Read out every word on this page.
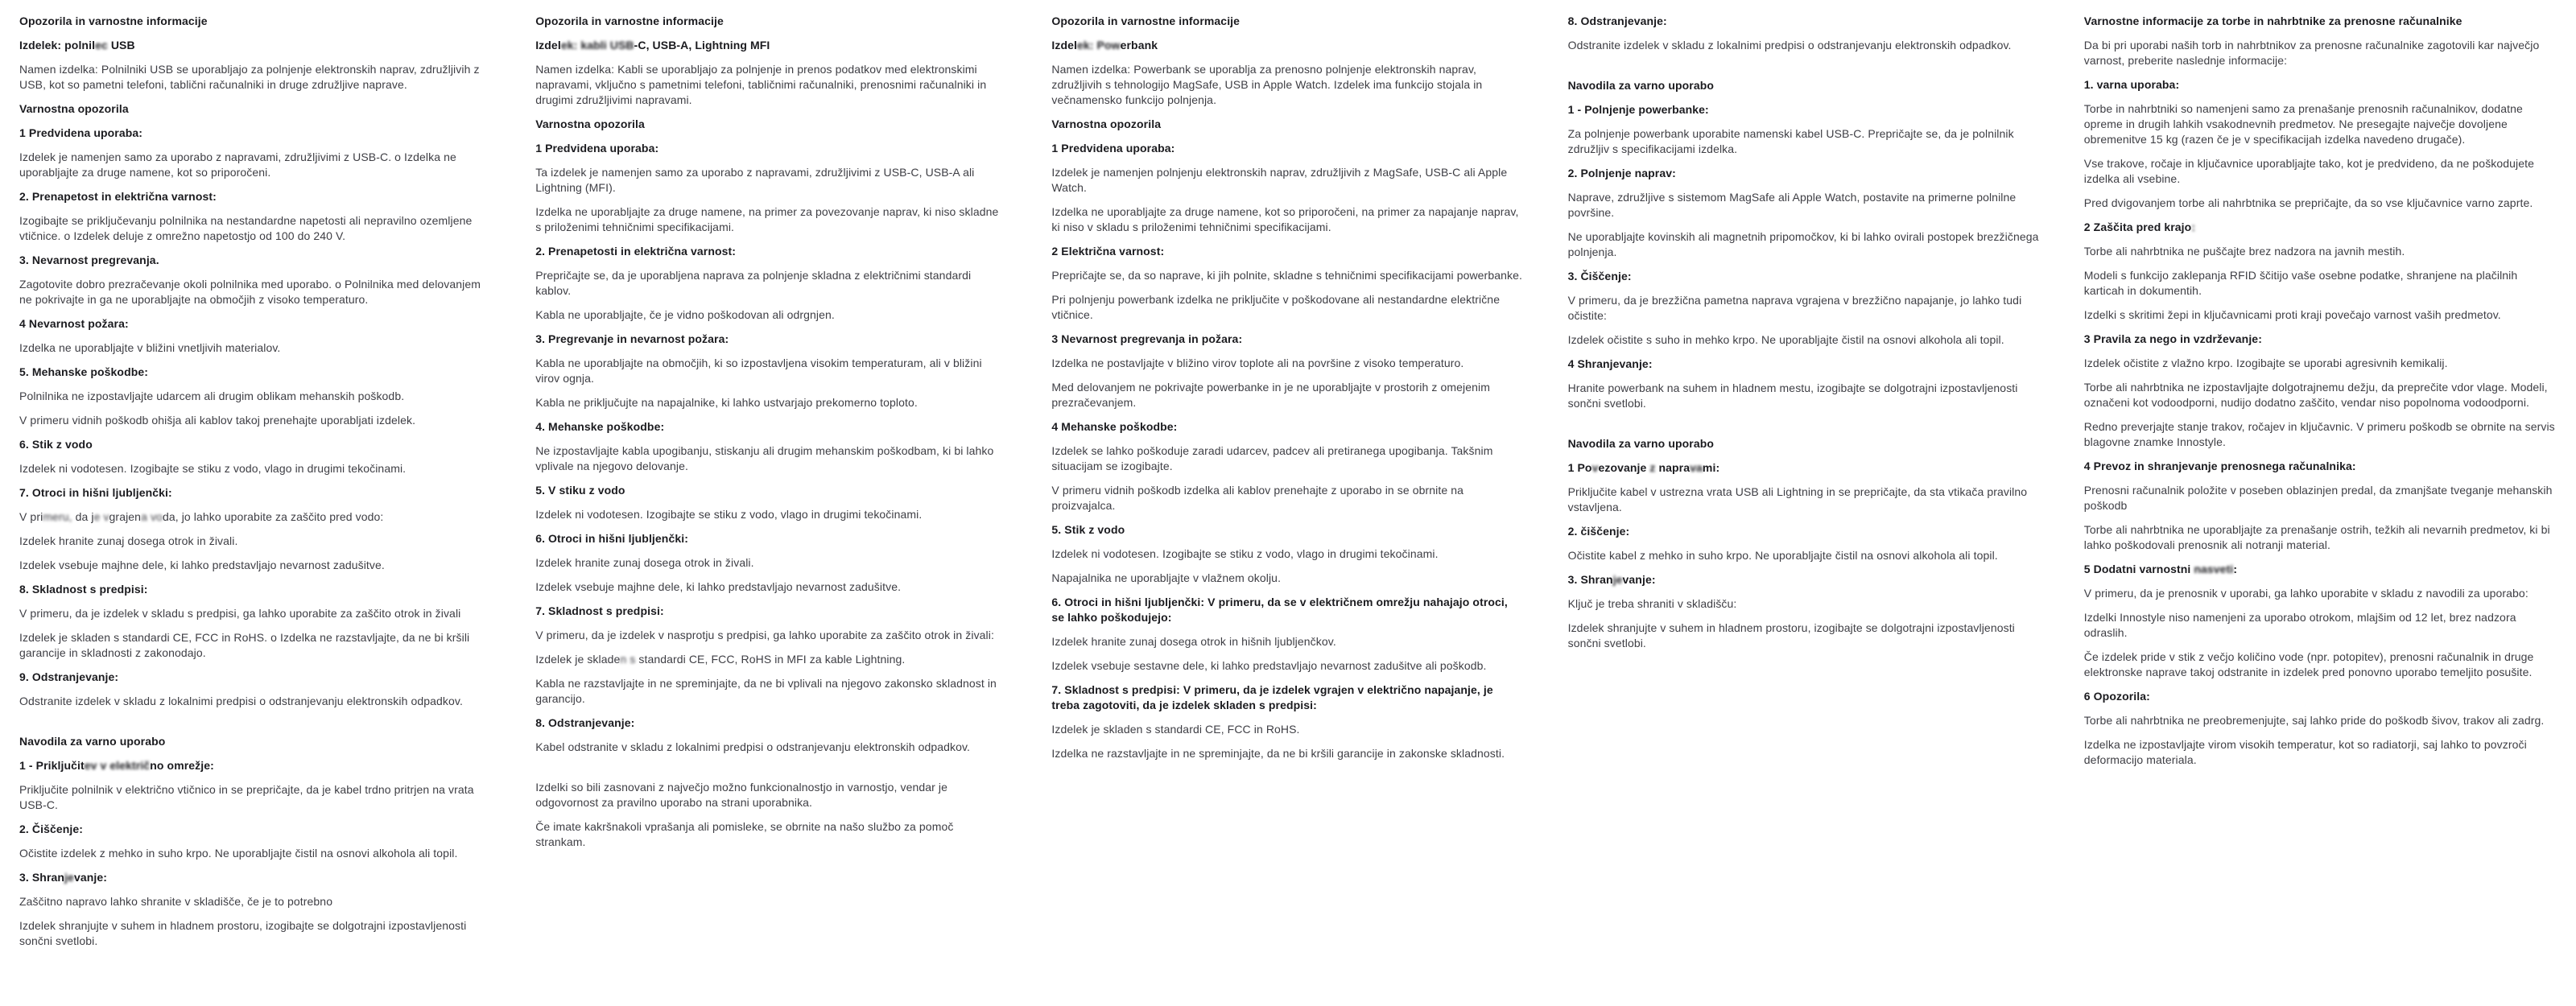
Opozorila in varnostne informacije
Izdelek: polnilec USB
Namen izdelka: Polnilniki USB se uporabljajo za polnjenje elektronskih naprav, združljivih z USB, kot so pametni telefoni, tablični računalniki in druge združljive naprave.
Varnostna opozorila
1 Predvidena uporaba:
Izdelek je namenjen samo za uporabo z napravami, združljivimi z USB-C. o Izdelka ne uporabljajte za druge namene, kot so priporočeni.
2. Prenapetost in električna varnost:
Izogibajte se priključevanju polnilnika na nestandardne napetosti ali nepravilno ozemljene vtičnice. o Izdelek deluje z omrežno napetostjo od 100 do 240 V.
3. Nevarnost pregrevanja.
Zagotovite dobro prezračevanje okoli polnilnika med uporabo. o Polnilnika med delovanjem ne pokrivajte in ga ne uporabljajte na območjih z visoko temperaturo.
4 Nevarnost požara:
Izdelka ne uporabljajte v bližini vnetljivih materialov.
5. Mehanske poškodbe:
Polnilnika ne izpostavljajte udarcem ali drugim oblikam mehanskih poškodb.
V primeru vidnih poškodb ohišja ali kablov takoj prenehajte uporabljati izdelek.
6. Stik z vodo
Izdelek ni vodotesen. Izogibajte se stiku z vodo, vlago in drugimi tekočinami.
7. Otroci in hišni ljubljenčki:
V primeru, da je vgrajena voda, jo lahko uporabite za zaščito pred vodo:
Izdelek hranite zunaj dosega otrok in živali.
Izdelek vsebuje majhne dele, ki lahko predstavljajo nevarnost zadušitve.
8. Skladnost s predpisi:
V primeru, da je izdelek v skladu s predpisi, ga lahko uporabite za zaščito otrok in živali
Izdelek je skladen s standardi CE, FCC in RoHS. o Izdelka ne razstavljajte, da ne bi kršili garancije in skladnosti z zakonodajo.
9. Odstranjevanje:
Odstranite izdelek v skladu z lokalnimi predpisi o odstranjevanju elektronskih odpadkov.
Navodila za varno uporabo
1 - Priključitev v električno omrežje:
Priključite polnilnik v električno vtičnico in se prepričajte, da je kabel trdno pritrjen na vrata USB-C.
2. Čiščenje:
Očistite izdelek z mehko in suho krpo. Ne uporabljajte čistil na osnovi alkohola ali topil.
3. Shranjevanje:
Zaščitno napravo lahko shranite v skladišče, če je to potrebno
Izdelek shranjujte v suhem in hladnem prostoru, izogibajte se dolgotrajni izpostavljenosti sončni svetlobi.
Opozorila in varnostne informacije
Izdelek: kabli USB-C, USB-A, Lightning MFI
Namen izdelka: Kabli se uporabljajo za polnjenje in prenos podatkov med elektronskimi napravami, vključno s pametnimi telefoni, tabličnimi računalniki, prenosnimi računalniki in drugimi združljivimi napravami.
Varnostna opozorila
1 Predvidena uporaba:
Ta izdelek je namenjen samo za uporabo z napravami, združljivimi z USB-C, USB-A ali Lightning (MFI).
Izdelka ne uporabljajte za druge namene, na primer za povezovanje naprav, ki niso skladne s priloženimi tehničnimi specifikacijami.
2. Prenapetosti in električna varnost:
Prepričajte se, da je uporabljena naprava za polnjenje skladna z električnimi standardi kablov.
Kabla ne uporabljajte, če je vidno poškodovan ali odrgnjen.
3. Pregrevanje in nevarnost požara:
Kabla ne uporabljajte na območjih, ki so izpostavljena visokim temperaturam, ali v bližini virov ognja.
Kabla ne priključujte na napajalnike, ki lahko ustvarjajo prekomerno toploto.
4. Mehanske poškodbe:
Ne izpostavljajte kabla upogibanju, stiskanju ali drugim mehanskim poškodbam, ki bi lahko vplivale na njegovo delovanje.
5. V stiku z vodo
Izdelek ni vodotesen. Izogibajte se stiku z vodo, vlago in drugimi tekočinami.
6. Otroci in hišni ljubljenčki:
Izdelek hranite zunaj dosega otrok in živali.
Izdelek vsebuje majhne dele, ki lahko predstavljajo nevarnost zadušitve.
7. Skladnost s predpisi:
V primeru, da je izdelek v nasprotju s predpisi, ga lahko uporabite za zaščito otrok in živali:
Izdelek je skladen s standardi CE, FCC, RoHS in MFI za kable Lightning.
Kabla ne razstavljajte in ne spreminjajte, da ne bi vplivali na njegovo zakonsko skladnost in garancijo.
8. Odstranjevanje:
Kabel odstranite v skladu z lokalnimi predpisi o odstranjevanju elektronskih odpadkov.
Izdelki so bili zasnovani z največjo možno funkcionalnostjo in varnostjo, vendar je odgovornost za pravilno uporabo na strani uporabnika.
Če imate kakršnakoli vprašanja ali pomisleke, se obrnite na našo službo za pomoč strankam.
Opozorila in varnostne informacije
Izdelek: Powerbank
Namen izdelka: Powerbank se uporablja za prenosno polnjenje elektronskih naprav, združljivih s tehnologijo MagSafe, USB in Apple Watch. Izdelek ima funkcijo stojala in večnamensko funkcijo polnjenja.
Varnostna opozorila
1 Predvidena uporaba:
Izdelek je namenjen polnjenju elektronskih naprav, združljivih z MagSafe, USB-C ali Apple Watch.
Izdelka ne uporabljajte za druge namene, kot so priporočeni, na primer za napajanje naprav, ki niso v skladu s priloženimi tehničnimi specifikacijami.
2 Električna varnost:
Prepričajte se, da so naprave, ki jih polnite, skladne s tehničnimi specifikacijami powerbanke.
Pri polnjenju powerbank izdelka ne priključite v poškodovane ali nestandardne električne vtičnice.
3 Nevarnost pregrevanja in požara:
Izdelka ne postavljajte v bližino virov toplote ali na površine z visoko temperaturo.
Med delovanjem ne pokrivajte powerbanke in je ne uporabljajte v prostorih z omejenim prezračevanjem.
4 Mehanske poškodbe:
Izdelek se lahko poškoduje zaradi udarcev, padcev ali pretiranega upogibanja. Takšnim situacijam se izogibajte.
V primeru vidnih poškodb izdelka ali kablov prenehajte z uporabo in se obrnite na proizvajalca.
5. Stik z vodo
Izdelek ni vodotesen. Izogibajte se stiku z vodo, vlago in drugimi tekočinami.
Napajalnika ne uporabljajte v vlažnem okolju.
6. Otroci in hišni ljubljenčki: V primeru, da se v električnem omrežju nahajajo otroci, se lahko poškodujejo:
Izdelek hranite zunaj dosega otrok in hišnih ljubljenčkov.
Izdelek vsebuje sestavne dele, ki lahko predstavljajo nevarnost zadušitve ali poškodb.
7. Skladnost s predpisi: V primeru, da je izdelek vgrajen v električno napajanje, je treba zagotoviti, da je izdelek skladen s predpisi:
Izdelek je skladen s standardi CE, FCC in RoHS.
Izdelka ne razstavljajte in ne spreminjajte, da ne bi kršili garancije in zakonske skladnosti.
8. Odstranjevanje:
Odstranite izdelek v skladu z lokalnimi predpisi o odstranjevanju elektronskih odpadkov.
Navodila za varno uporabo
1 - Polnjenje powerbanke:
Za polnjenje powerbank uporabite namenski kabel USB-C. Prepričajte se, da je polnilnik združljiv s specifikacijami izdelka.
2. Polnjenje naprav:
Naprave, združljive s sistemom MagSafe ali Apple Watch, postavite na primerne polnilne površine.
Ne uporabljajte kovinskih ali magnetnih pripomočkov, ki bi lahko ovirali postopek brezžičnega polnjenja.
3. Čiščenje:
V primeru, da je brezžična pametna naprava vgrajena v brezžično napajanje, jo lahko tudi očistite:
Izdelek očistite s suho in mehko krpo. Ne uporabljajte čistil na osnovi alkohola ali topil.
4 Shranjevanje:
Hranite powerbank na suhem in hladnem mestu, izogibajte se dolgotrajni izpostavljenosti sončni svetlobi.
Navodila za varno uporabo
1 Povezovanje z napravami:
Priključite kabel v ustrezna vrata USB ali Lightning in se prepričajte, da sta vtikača pravilno vstavljena.
2. čiščenje:
Očistite kabel z mehko in suho krpo. Ne uporabljajte čistil na osnovi alkohola ali topil.
3. Shranjevanje:
Ključ je treba shraniti v skladišču:
Izdelek shranjujte v suhem in hladnem prostoru, izogibajte se dolgotrajni izpostavljenosti sončni svetlobi.
Varnostne informacije za torbe in nahrbtnike za prenosne računalnike
Da bi pri uporabi naših torb in nahrbtnikov za prenosne računalnike zagotovili kar največjo varnost, preberite naslednje informacije:
1. varna uporaba:
Torbe in nahrbtniki so namenjeni samo za prenašanje prenosnih računalnikov, dodatne opreme in drugih lahkih vsakodnevnih predmetov. Ne presegajte največje dovoljene obremenitve 15 kg (razen če je v specifikacijah izdelka navedeno drugače).
Vse trakove, ročaje in ključavnice uporabljajte tako, kot je predvideno, da ne poškodujete izdelka ali vsebine.
Pred dvigovanjem torbe ali nahrbtnika se prepričajte, da so vse ključavnice varno zaprte.
2 Zaščita pred krajo:
Torbe ali nahrbtnika ne puščajte brez nadzora na javnih mestih.
Modeli s funkcijo zaklepanja RFID ščitijo vaše osebne podatke, shranjene na plačilnih karticah in dokumentih.
Izdelki s skritimi žepi in ključavnicami proti kraji povečajo varnost vaših predmetov.
3 Pravila za nego in vzdrževanje:
Izdelek očistite z vlažno krpo. Izogibajte se uporabi agresivnih kemikalij.
Torbe ali nahrbtnika ne izpostavljajte dolgotrajnemu dežju, da preprečite vdor vlage. Modeli, označeni kot vodoodporni, nudijo dodatno zaščito, vendar niso popolnoma vodoodporni.
Redno preverjajte stanje trakov, ročajev in ključavnic. V primeru poškodb se obrnite na servis blagovne znamke Innostyle.
4 Prevoz in shranjevanje prenosnega računalnika:
Prenosni računalnik položite v poseben oblazinjen predal, da zmanjšate tveganje mehanskih poškodb
Torbe ali nahrbtnika ne uporabljajte za prenašanje ostrih, težkih ali nevarnih predmetov, ki bi lahko poškodovali prenosnik ali notranji material.
5 Dodatni varnostni nasveti:
V primeru, da je prenosnik v uporabi, ga lahko uporabite v skladu z navodili za uporabo:
Izdelki Innostyle niso namenjeni za uporabo otrokom, mlajšim od 12 let, brez nadzora odraslih.
Če izdelek pride v stik z večjo količino vode (npr. potopitev), prenosni računalnik in druge elektronske naprave takoj odstranite in izdelek pred ponovno uporabo temeljito posušite.
6 Opozorila:
Torbe ali nahrbtnika ne preobremenjujte, saj lahko pride do poškodb šivov, trakov ali zadrg.
Izdelka ne izpostavljajte virom visokih temperatur, kot so radiatorji, saj lahko to povzroči deformacijo materiala.
